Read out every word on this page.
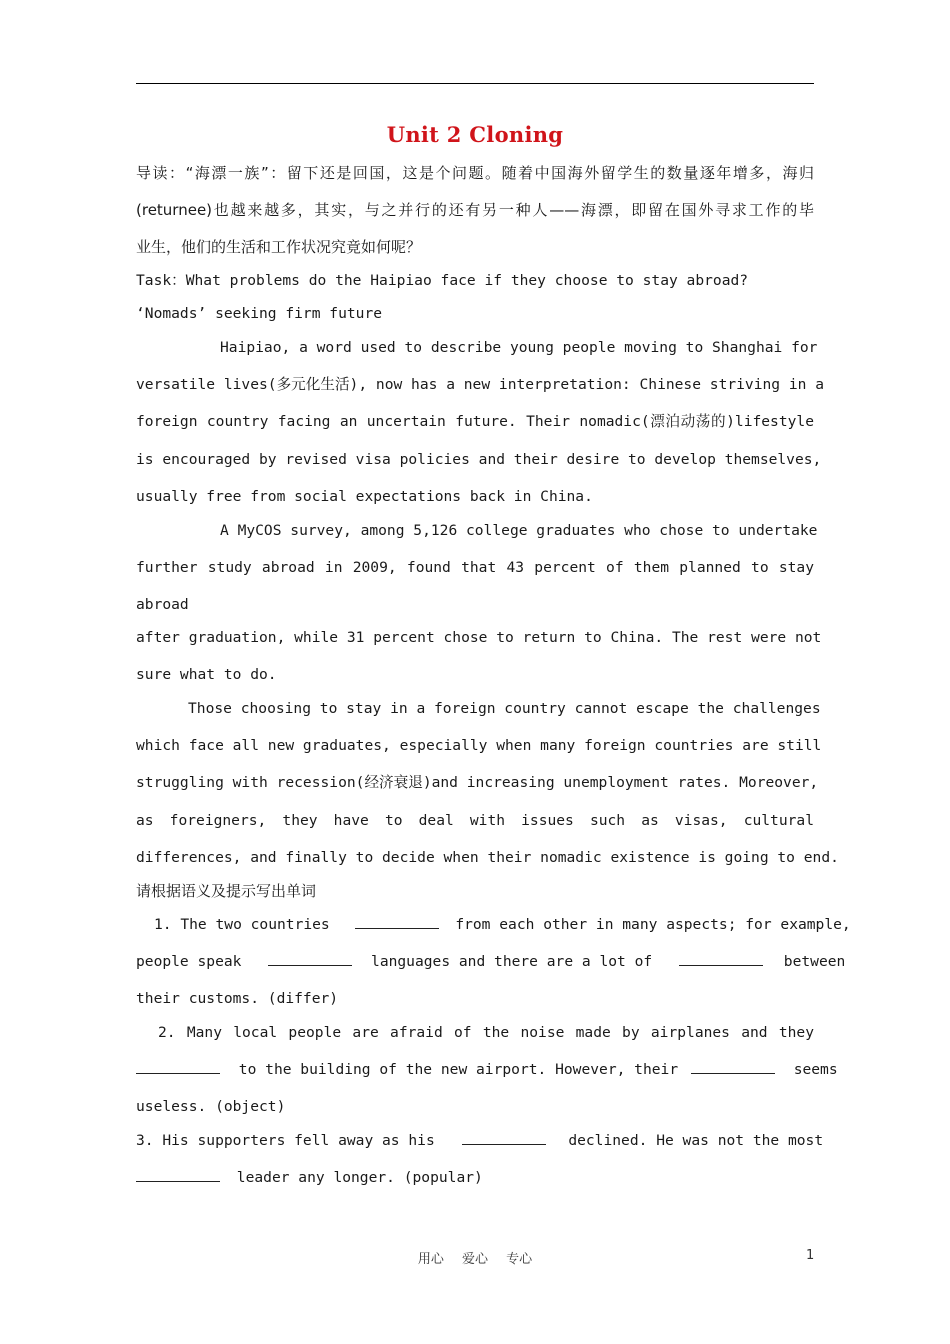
Unit 2 Cloning
导读：“海漂一族”：留下还是回国，这是个问题。随着中国海外留学生的数量逐年增多，海归
(returnee)也越来越多，其实，与之并行的还有另一种人——海漂，即留在国外寻求工作的毕
业生，他们的生活和工作状况究竟如何呢？
Task：What problems do the Haipiao face if they choose to stay abroad?
‘Nomads’ seeking firm future
Haipiao, a word used to describe young people moving to Shanghai for
versatile lives(多元化生活), now has a new interpretation: Chinese striving in a
foreign country facing an uncertain future. Their nomadic(漂泊动荡的)lifestyle
is encouraged by revised visa policies and their desire to develop themselves,
usually free from social expectations back in China.
A MyCOS survey, among 5,126 college graduates who chose to undertake
further study abroad in 2009, found that 43 percent of them planned to stay
abroad
after graduation, while 31 percent chose to return to China. The rest were not
sure what to do.
Those choosing to stay in a foreign country cannot escape the challenges
which face all new graduates, especially when many foreign countries are still
struggling with recession(经济衰退)and increasing unemployment rates. Moreover,
as foreigners, they have to deal with issues such as visas, cultural
differences, and finally to decide when their nomadic existence is going to end.
请根据语义及提示写出单词
1. The two countries	from each other in many aspects; for example,
people speak	languages and there are a lot of	between
their customs. (differ)
2. Many local people are afraid of the noise made by airplanes and they
to the building of the new airport. However, their	seems
useless. (object)
3. His supporters fell away as his	declined. He was not the most
leader any longer. (popular)
用心 爱心 专心	1
